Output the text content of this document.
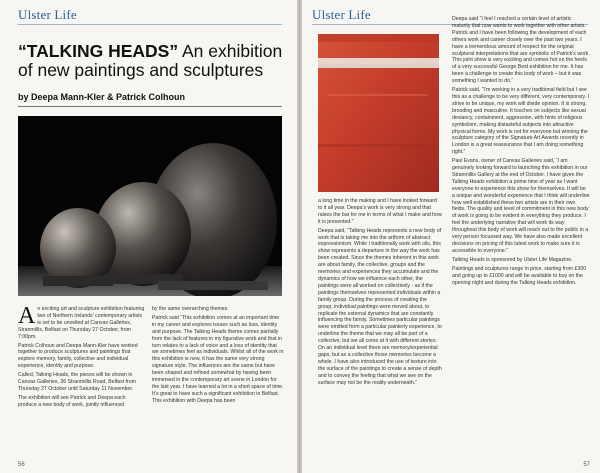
Ulster Life
“TALKING HEADS” An exhibition of new paintings and sculptures
by Deepa Mann-Kler & Patrick Colhoun

An exciting art and sculpture exhibition featuring two of Northern Irelands’ contemporary artists is set to be unveiled at Canvas Galleries, Stranmillis, Belfast on Thursday 27 October, from 7:00pm.

Patrick Colhoun and Deepa Mann-Kler have worked together to produce sculptures and paintings that explore memory, family, collective and individual experience, identity and purpose.

Called, Talking Heads, the pieces will be shown in Canvas Galleries, 36 Stranmillis Road, Belfast from Thursday 27 October until Saturday 11 November.

The exhibition will see Patrick and Deepa each produce a new body of work, jointly influenced

by the same overarching themes.

Patrick said “This exhibition comes at an important time in my career and explores issues such as loss, identity and purpose. The Talking Heads theme comes partially from the lack of features in my figurative work and that in turn relates to a lack of voice and a loss of identity that we sometimes feel as individuals. Whilst all of the work in this exhibition is new, it has the same very strong signature style. The influences are the same but have been shaped and refined somewhat by having been immersed in the contemporary art scene in London for the last year. I have learned a lot in a short space of time. It’s great to have such a significant exhibition in Belfast. This exhibition with Deepa has been

56
Ulster Life

a long time in the making and I have looked forward to it all year. Deepa’s work is very strong and that raises the bar for me in terms of what I make and how it is presented.”

Deepa said, “Talking Heads represents a new body of work that is taking me into the artform of abstract expressionism. While I traditionally work with oils, this show represents a departure in the way the work has been created. Since the themes inherent in this work are about family, the collective, groups and the memories and experiences they accumulate and the dynamics of how we influence each other, the paintings were all worked on collectively - as if the paintings themselves represented individuals within a family group. During the process of creating the group, individual paintings were moved about, to replicate the external dynamics that are constantly influencing the family. Sometimes particular paintings were omitted from a particular painterly experience, to underline the theme that we may all be part of a collective, but we all come at it with different stories. On an individual level there are memory/experiential gaps, but as a collective those memories become a whole. I have also introduced the use of texture into the surface of the paintings to create a sense of depth and to convey the feeling that what we see on the surface may not be the reality underneath.”

Deepa said “I feel I reached a certain level of artistic maturity that now wants to work together with other artists. Patrick and I have been following the development of each others work and career closely over the past two years. I have a tremendous amount of respect for the original sculptural interpretations that are symbolic of Patrick’s work. This joint show is very exciting and comes hot on the heels of a very successful George Best exhibition for me. It has been a challenge to create this body of work – but it was something I wanted to do.”

Patrick said, “I’m working in a very traditional field but I see this as a challenge to be very different, very contemporary. I strive to be unique, my work will divide opinion. It is strong, brooding and masculine. It touches on subjects like sexual deviancy, containment, aggression, with hints of religious symbolism, making distasteful subjects into attractive physical forms. My work is not for everyone but winning the sculpture category of the Signature Art Awards recently in London is a great reassurance that I am doing something right.”

Paul Evans, owner of Canvas Galleries said, “I am genuinely looking forward to launching this exhibition in our Stranmillis Gallery at the end of October. I have given the Talking Heads exhibition a prime time of year as I want everyone to experience this show for themselves. It will be a unique and wonderful experience that I think will underline how well established these two artists are in their own fields. The quality and level of commitment in this new body of work is going to be evident in everything they produce. I feel the underlying narrative that will work its way throughout this body of work will reach out to the public in a very person focussed way. We have also made excellent decisions on pricing of this latest work to make sure it is accessible to everyone.”

Talking Heads is sponsored by Ulster Life Magazine.

Paintings and sculptures range in price, starting from £300 and going up to £1000 and will be available to buy on the opening night and during the Talking Heads exhibition.

57
